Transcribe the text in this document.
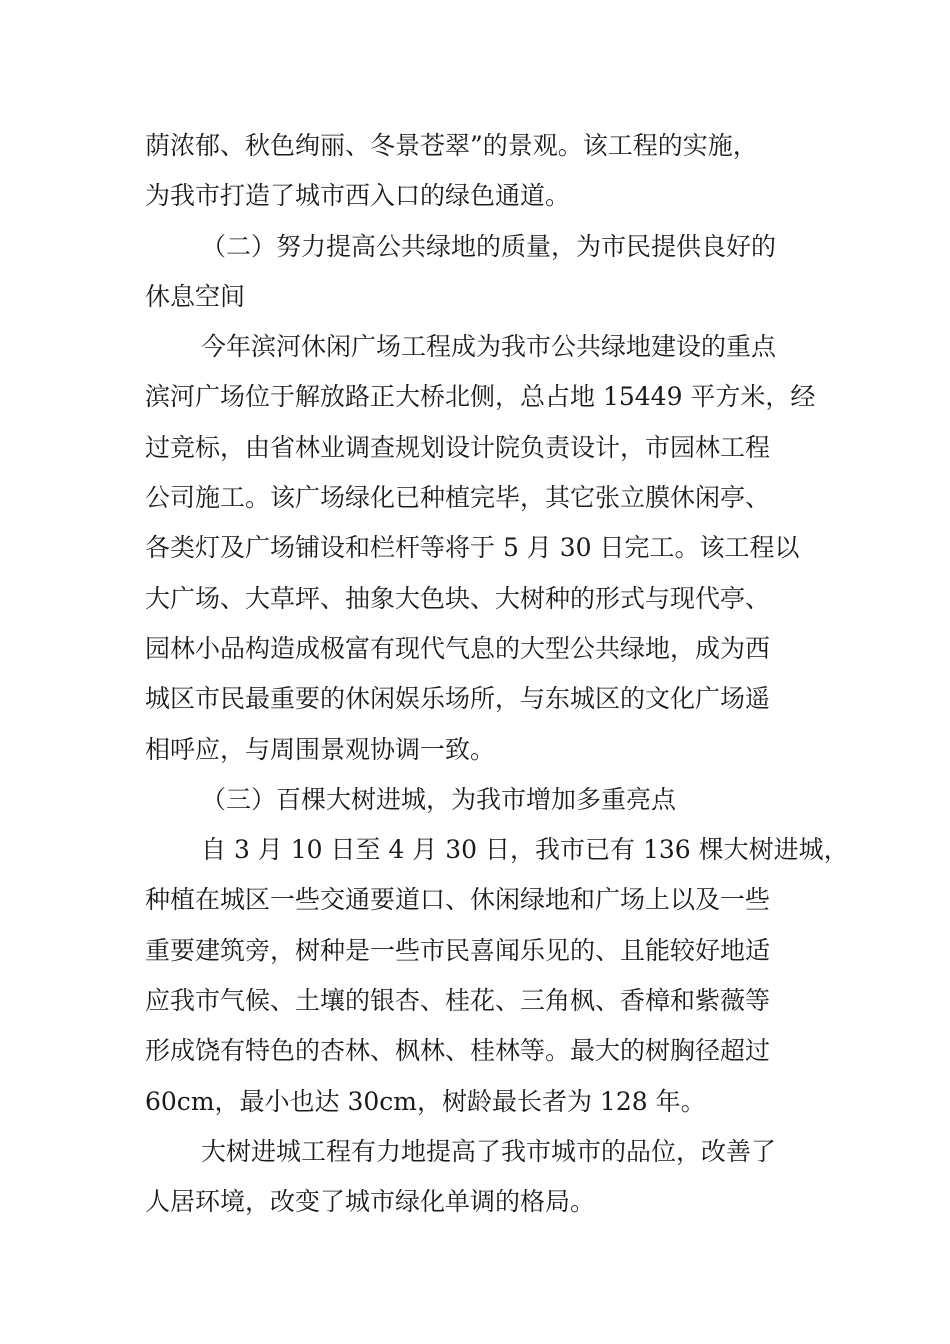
荫浓郁、秋色绚丽、冬景苍翠”的景观。该工程的实施，
为我市打造了城市西入口的绿色通道。
（二）努力提高公共绿地的质量，为市民提供良好的
休息空间
今年滨河休闲广场工程成为我市公共绿地建设的重点
滨河广场位于解放路正大桥北侧，总占地 15449 平方米，经
过竞标，由省林业调查规划设计院负责设计，市园林工程
公司施工。该广场绿化已种植完毕，其它张立膜休闲亭、
各类灯及广场铺设和栏杆等将于 5 月 30 日完工。该工程以
大广场、大草坪、抽象大色块、大树种的形式与现代亭、
园林小品构造成极富有现代气息的大型公共绿地，成为西
城区市民最重要的休闲娱乐场所，与东城区的文化广场遥
相呼应，与周围景观协调一致。
（三）百棵大树进城，为我市增加多重亮点
自 3 月 10 日至 4 月 30 日，我市已有 136 棵大树进城，
种植在城区一些交通要道口、休闲绿地和广场上以及一些
重要建筑旁，树种是一些市民喜闻乐见的、且能较好地适
应我市气候、土壤的银杏、桂花、三角枫、香樟和紫薇等
形成饶有特色的杏林、枫林、桂林等。最大的树胸径超过
60cm，最小也达 30cm，树龄最长者为 128 年。
大树进城工程有力地提高了我市城市的品位，改善了
人居环境，改变了城市绿化单调的格局。
